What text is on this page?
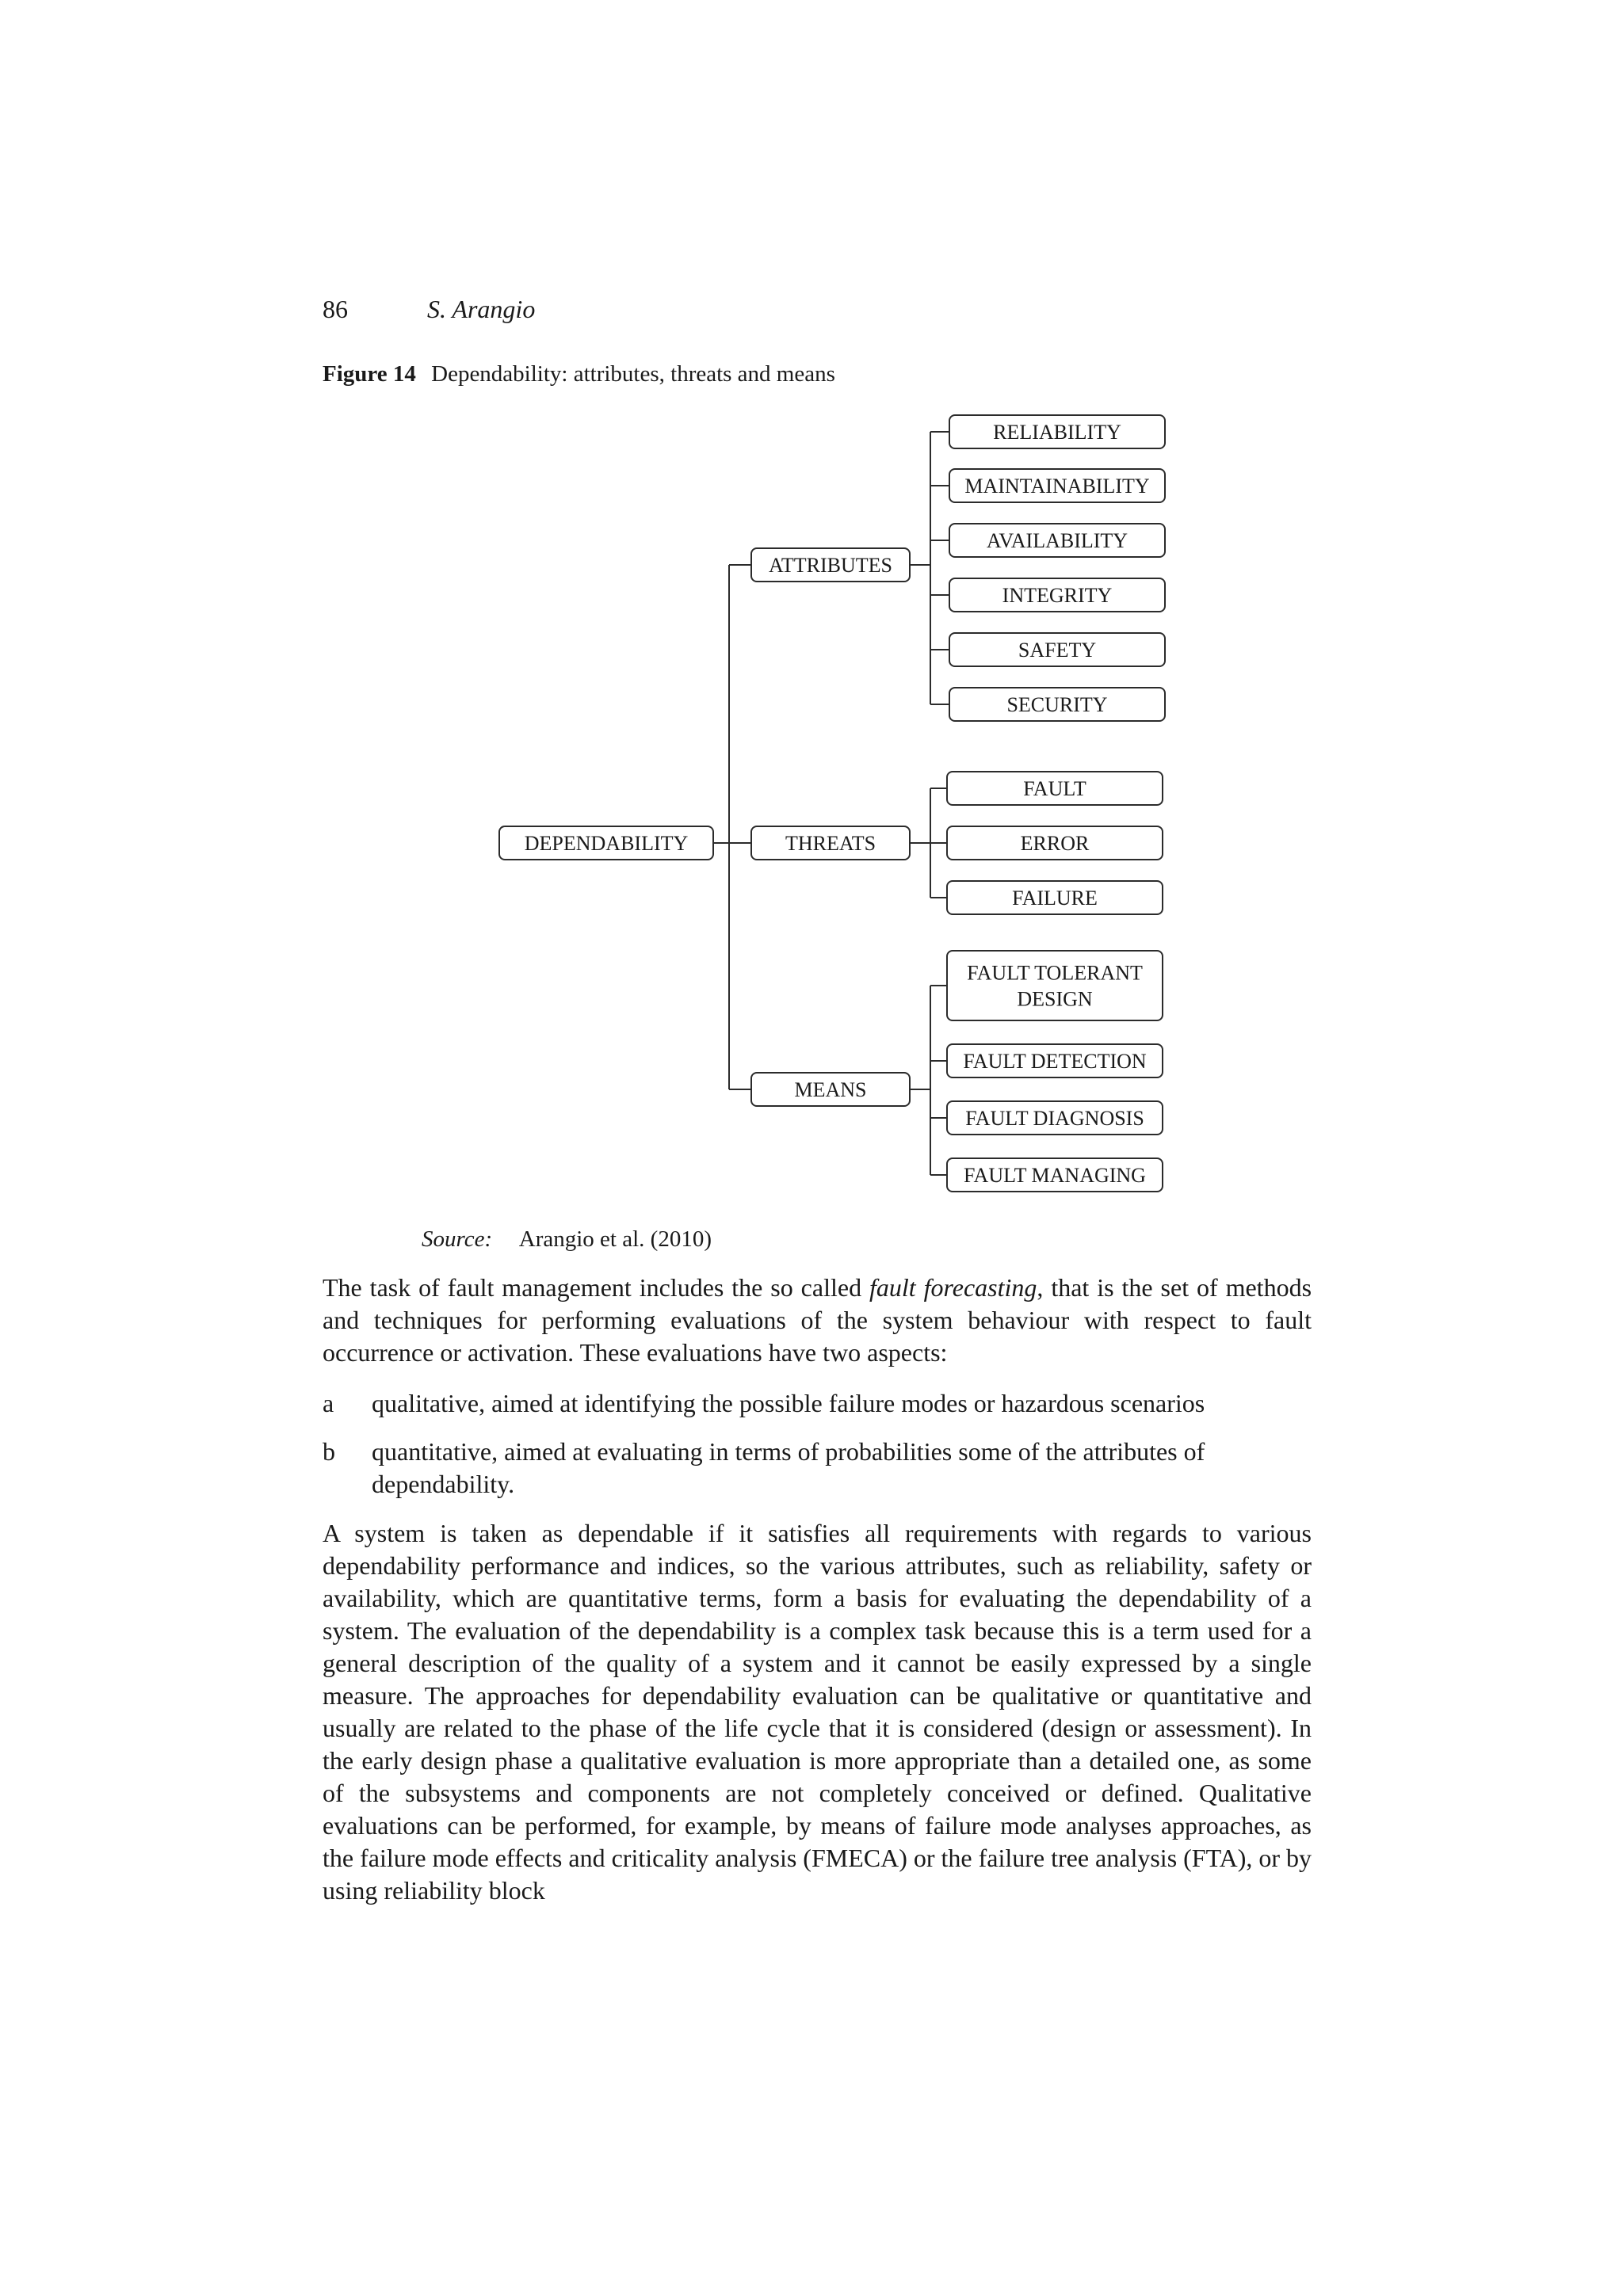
86	S. Arangio
Figure 14 Dependability: attributes, threats and means
DEPENDABILITY
ATTRIBUTES
RELIABILITY
MAINTAINABILITY
AVAILABILITY
INTEGRITY
SAFETY
SECURITY
THREATS
FAULT
ERROR
FAILURE
MEANS
FAULT TOLERANT
DESIGN
FAULT DETECTION
FAULT DIAGNOSIS
FAULT MANAGING
Source: Arangio et al. (2010)

The task of fault management includes the so called fault forecasting, that is the set of methods and techniques for performing evaluations of the system behaviour with respect to fault occurrence or activation. These evaluations have two aspects:

a	qualitative, aimed at identifying the possible failure modes or hazardous scenarios
b	quantitative, aimed at evaluating in terms of probabilities some of the attributes of dependability.

A system is taken as dependable if it satisfies all requirements with regards to various dependability performance and indices, so the various attributes, such as reliability, safety or availability, which are quantitative terms, form a basis for evaluating the dependability of a system. The evaluation of the dependability is a complex task because this is a term used for a general description of the quality of a system and it cannot be easily expressed by a single measure. The approaches for dependability evaluation can be qualitative or quantitative and usually are related to the phase of the life cycle that it is considered (design or assessment). In the early design phase a qualitative evaluation is more appropriate than a detailed one, as some of the subsystems and components are not completely conceived or defined. Qualitative evaluations can be performed, for example, by means of failure mode analyses approaches, as the failure mode effects and criticality analysis (FMECA) or the failure tree analysis (FTA), or by using reliability block
